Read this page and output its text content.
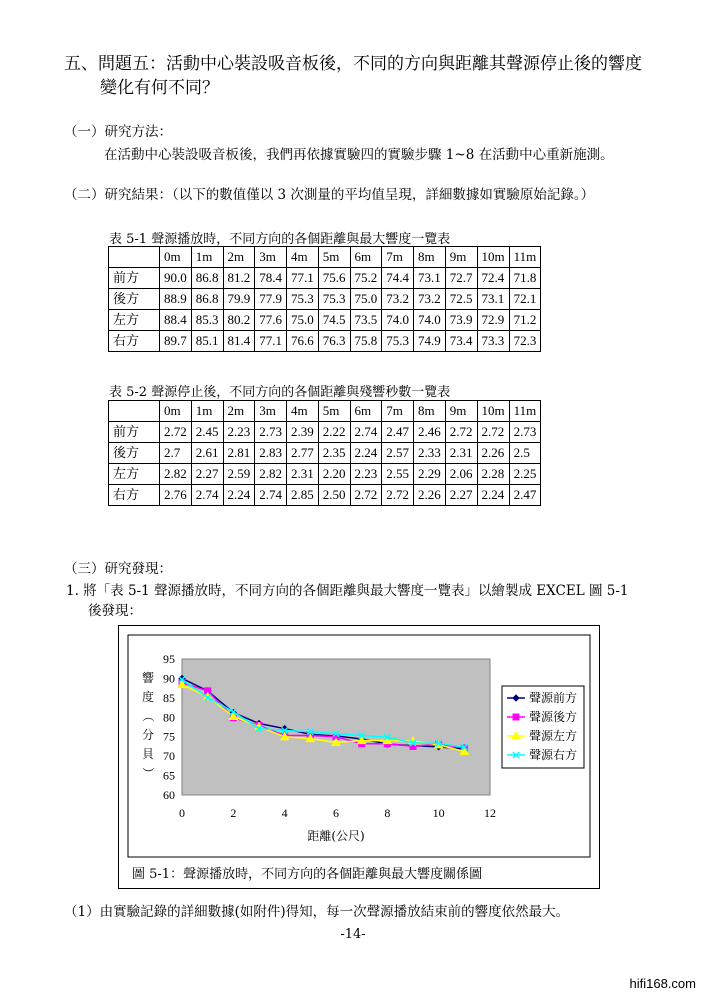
五、問題五：活動中心裝設吸音板後，不同的方向與距離其聲源停止後的響度
變化有何不同？
（一）研究方法：
在活動中心裝設吸音板後，我們再依據實驗四的實驗步驟 1~8 在活動中心重新施測。
（二）研究結果：（以下的數值僅以 3 次測量的平均值呈現，詳細數據如實驗原始記錄。）
表 5-1 聲源播放時，不同方向的各個距離與最大響度一覽表
	0m	1m	2m	3m	4m	5m	6m	7m	8m	9m	10m	11m
前方	90.0	86.8	81.2	78.4	77.1	75.6	75.2	74.4	73.1	72.7	72.4	71.8
後方	88.9	86.8	79.9	77.9	75.3	75.3	75.0	73.2	73.2	72.5	73.1	72.1
左方	88.4	85.3	80.2	77.6	75.0	74.5	73.5	74.0	74.0	73.9	72.9	71.2
右方	89.7	85.1	81.4	77.1	76.6	76.3	75.8	75.3	74.9	73.4	73.3	72.3
表 5-2 聲源停止後，不同方向的各個距離與殘響秒數一覽表
	0m	1m	2m	3m	4m	5m	6m	7m	8m	9m	10m	11m
前方	2.72	2.45	2.23	2.73	2.39	2.22	2.74	2.47	2.46	2.72	2.72	2.73
後方	2.7	2.61	2.81	2.83	2.77	2.35	2.24	2.57	2.33	2.31	2.26	2.5
左方	2.82	2.27	2.59	2.82	2.31	2.20	2.23	2.55	2.29	2.06	2.28	2.25
右方	2.76	2.74	2.24	2.74	2.85	2.50	2.72	2.72	2.26	2.27	2.24	2.47
（三）研究發現：
1. 將「表 5-1 聲源播放時，不同方向的各個距離與最大響度一覽表」以繪製成 EXCEL 圖 5-1
後發現：
60
65
70
75
80
85
90
95
0	2	4	6	8	10	12
距離(公尺)
響
度
（
分
貝
）
聲源前方
聲源後方
聲源左方
聲源右方
圖 5-1：聲源播放時，不同方向的各個距離與最大響度關係圖
（1）由實驗記錄的詳細數據(如附件)得知，每一次聲源播放結束前的響度依然最大。
-14-
hifi168.com
